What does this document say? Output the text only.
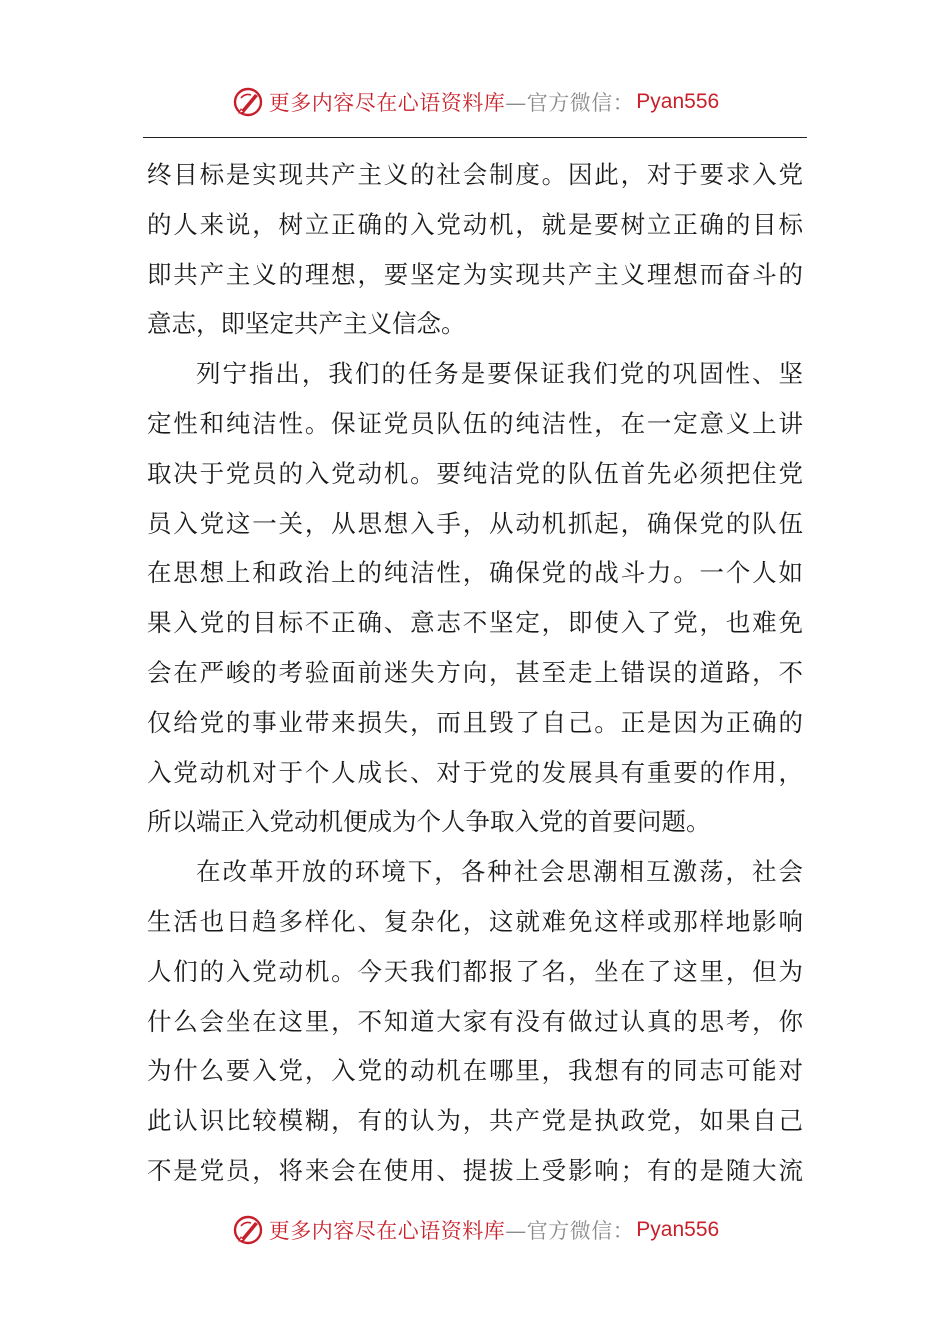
更多内容尽在心语资料库 —官方微信： Pyan556
终目标是实现共产主义的社会制度。因此，对于要求入党
的人来说，树立正确的入党动机，就是要树立正确的目标
即共产主义的理想，要坚定为实现共产主义理想而奋斗的
意志，即坚定共产主义信念。
列宁指出，我们的任务是要保证我们党的巩固性、坚
定性和纯洁性。保证党员队伍的纯洁性，在一定意义上讲
取决于党员的入党动机。要纯洁党的队伍首先必须把住党
员入党这一关，从思想入手，从动机抓起，确保党的队伍
在思想上和政治上的纯洁性，确保党的战斗力。一个人如
果入党的目标不正确、意志不坚定，即使入了党，也难免
会在严峻的考验面前迷失方向，甚至走上错误的道路，不
仅给党的事业带来损失，而且毁了自己。正是因为正确的
入党动机对于个人成长、对于党的发展具有重要的作用，
所以端正入党动机便成为个人争取入党的首要问题。
在改革开放的环境下，各种社会思潮相互激荡，社会
生活也日趋多样化、复杂化，这就难免这样或那样地影响
人们的入党动机。今天我们都报了名，坐在了这里，但为
什么会坐在这里，不知道大家有没有做过认真的思考，你
为什么要入党，入党的动机在哪里，我想有的同志可能对
此认识比较模糊，有的认为，共产党是执政党，如果自己
不是党员，将来会在使用、提拔上受影响；有的是随大流
更多内容尽在心语资料库 —官方微信： Pyan556
